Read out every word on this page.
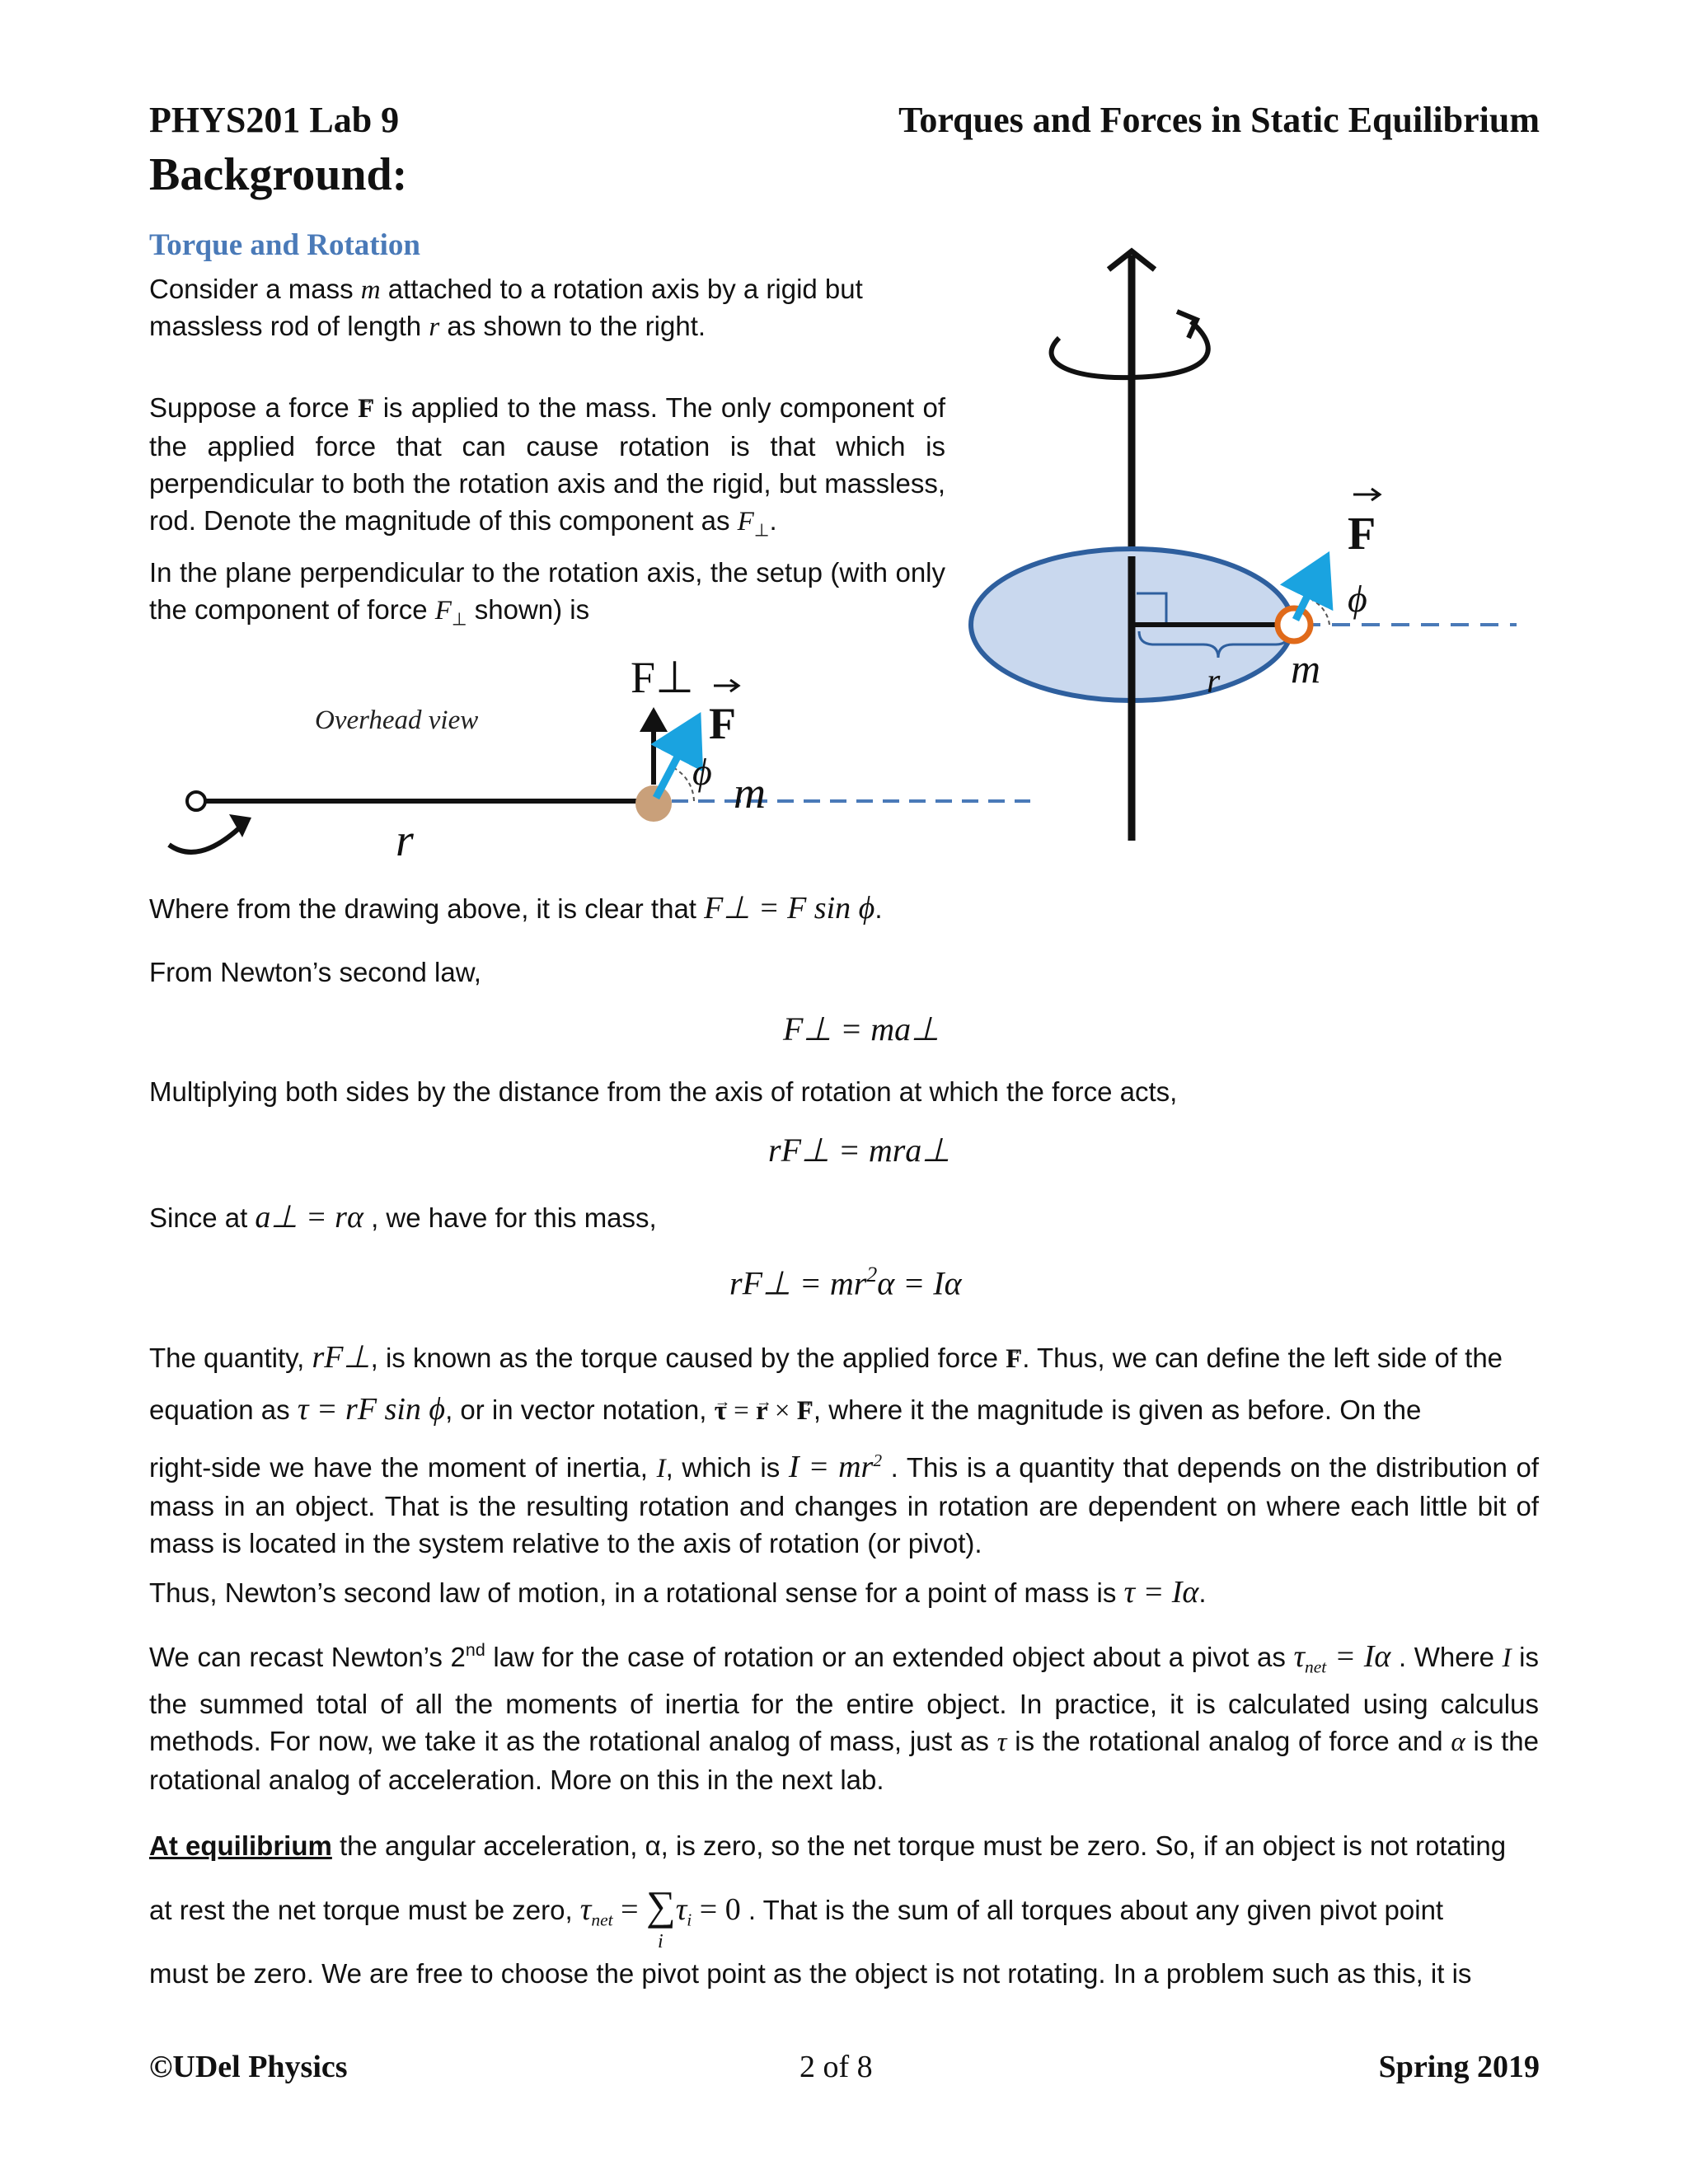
PHYS201 Lab 9	Torques and Forces in Static Equilibrium
Background:
Torque and Rotation
Consider a mass m attached to a rotation axis by a rigid but
massless rod of length r as shown to the right.
Suppose a force → F is applied to the mass. The only component of the applied force that can cause rotation is that which is perpendicular to both the rotation axis and the rigid, but massless, rod. Denote the magnitude of this component as $F_\perp$.
In the plane perpendicular to the rotation axis, the setup (with only the component of force $F_\perp$ shown) is
r
ϕ
F
m
Overhead view
r
F⊥
F
ϕ m
Where from the drawing above, it is clear that F⊥ = F sin ϕ.
From Newton’s second law,
F⊥ = ma⊥
Multiplying both sides by the distance from the axis of rotation at which the force acts,
rF⊥ = mra⊥
Since at a⊥ = rα , we have for this mass,
rF⊥ = $mr^2\alpha = I\alpha$
The quantity, rF⊥, is known as the torque caused by the applied force → F. Thus, we can define the left side of the
equation as τ = rF sin ϕ, or in vector notation, → τ = → r × → F, where it the magnitude is given as before. On the
right-side we have the moment of inertia, I, which is $I = mr^2$ . This is a quantity that depends on the distribution of mass in an object. That is the resulting rotation and changes in rotation are dependent on where each little bit of mass is located in the system relative to the axis of rotation (or pivot).
Thus, Newton’s second law of motion, in a rotational sense for a point of mass is τ = Iα.
We can recast Newton’s 2nd law for the case of rotation or an extended object about a pivot as $\tau_{net} = I\alpha$ . Where I is the summed total of all the moments of inertia for the entire object. In practice, it is calculated using calculus methods. For now, we take it as the rotational analog of mass, just as τ is the rotational analog of force and α is the rotational analog of acceleration. More on this in the next lab.
At equilibrium the angular acceleration, α, is zero, so the net torque must be zero. So, if an object is not rotating
at rest the net torque must be zero, $\tau_{net}$ = ∑
i
$\tau_i = 0$ . That is the sum of all torques about any given pivot point
must be zero. We are free to choose the pivot point as the object is not rotating. In a problem such as this, it is
©UDel Physics	2 of 8	Spring 2019
